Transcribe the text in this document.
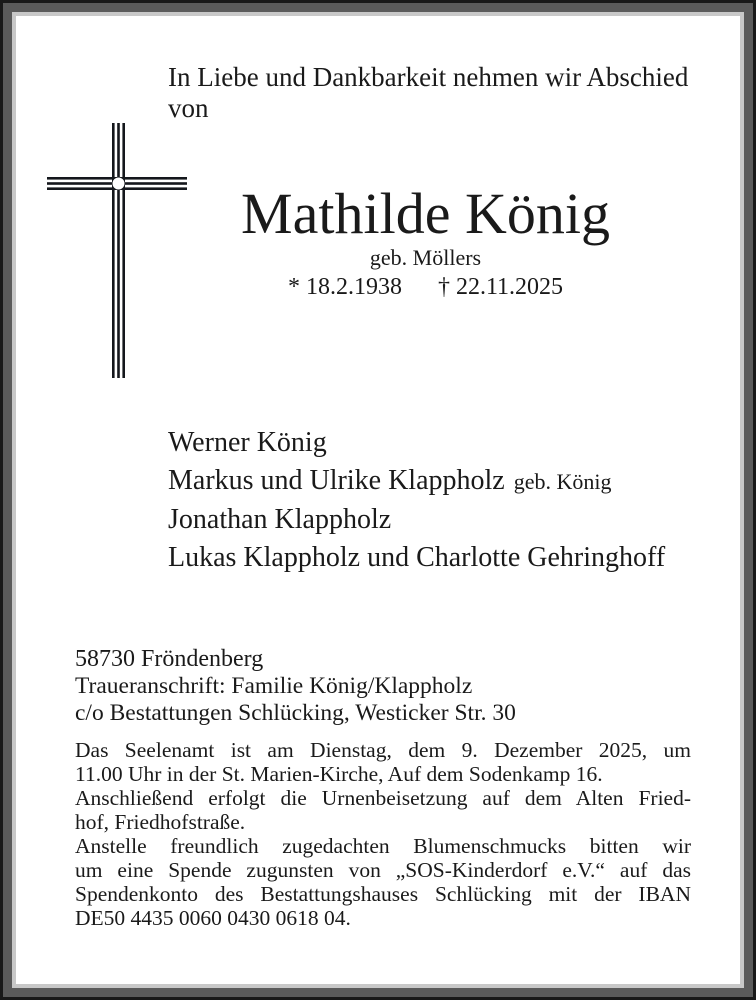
In Liebe und Dankbarkeit nehmen wir Abschied von
Mathilde König
geb. Möllers
* 18.2.1938 † 22.11.2025
Werner König
Markus und Ulrike Klappholz geb. König
Jonathan Klappholz
Lukas Klappholz und Charlotte Gehringhoff
58730 Fröndenberg
Traueranschrift: Familie König/Klappholz
c/o Bestattungen Schlücking, Westicker Str. 30
Das Seelenamt ist am Dienstag, dem 9. Dezember 2025, um
11.00 Uhr in der St. Marien-Kirche, Auf dem Sodenkamp 16.
Anschließend erfolgt die Urnenbeisetzung auf dem Alten Fried-
hof, Friedhofstraße.
Anstelle freundlich zugedachten Blumenschmucks bitten wir
um eine Spende zugunsten von „SOS-Kinderdorf e.V.“ auf das
Spendenkonto des Bestattungshauses Schlücking mit der IBAN
DE50 4435 0060 0430 0618 04.
